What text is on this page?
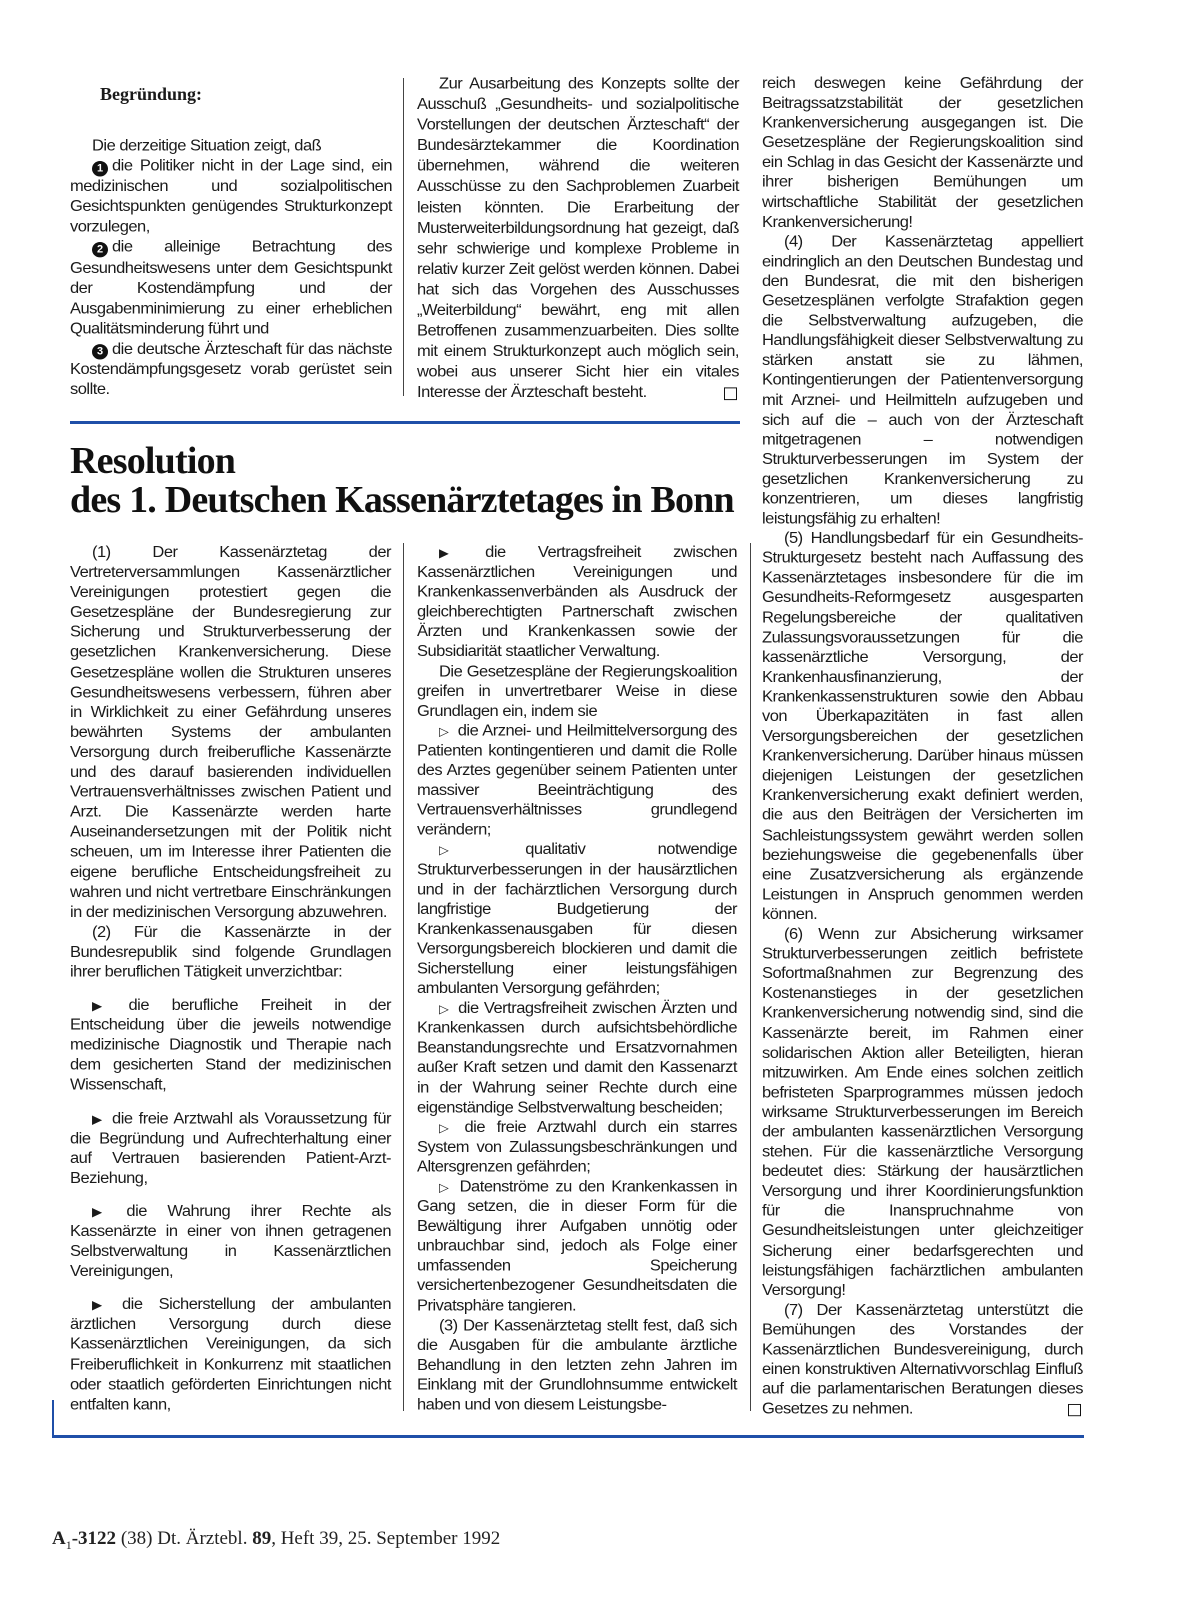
Begründung:

Die derzeitige Situation zeigt, daß

1 die Politiker nicht in der Lage sind, ein medizinischen und sozialpolitischen Gesichtspunkten genügendes Strukturkonzept vorzulegen,

2 die alleinige Betrachtung des Gesundheitswesens unter dem Gesichtspunkt der Kostendämpfung und der Ausgabenminimierung zu einer erheblichen Qualitätsminderung führt und

3 die deutsche Ärzteschaft für das nächste Kostendämpfungsgesetz vorab gerüstet sein sollte.

Zur Ausarbeitung des Konzepts sollte der Ausschuß „Gesundheits- und sozialpolitische Vorstellungen der deutschen Ärzteschaft“ der Bundesärztekammer die Koordination übernehmen, während die weiteren Ausschüsse zu den Sachproblemen Zuarbeit leisten könnten. Die Erarbeitung der Musterweiterbildungsordnung hat gezeigt, daß sehr schwierige und komplexe Probleme in relativ kurzer Zeit gelöst werden können. Dabei hat sich das Vorgehen des Ausschusses „Weiterbildung“ bewährt, eng mit allen Betroffenen zusammenzuarbeiten. Dies sollte mit einem Strukturkonzept auch möglich sein, wobei aus unserer Sicht hier ein vitales Interesse der Ärzteschaft besteht.

Resolution
des 1. Deutschen Kassenärztetages in Bonn

(1) Der Kassenärztetag der Vertreterversammlungen Kassenärztlicher Vereinigungen protestiert gegen die Gesetzespläne der Bundesregierung zur Sicherung und Strukturverbesserung der gesetzlichen Krankenversicherung. Diese Gesetzespläne wollen die Strukturen unseres Gesundheitswesens verbessern, führen aber in Wirklichkeit zu einer Gefährdung unseres bewährten Systems der ambulanten Versorgung durch freiberufliche Kassenärzte und des darauf basierenden individuellen Vertrauensverhältnisses zwischen Patient und Arzt. Die Kassenärzte werden harte Auseinandersetzungen mit der Politik nicht scheuen, um im Interesse ihrer Patienten die eigene berufliche Entscheidungsfreiheit zu wahren und nicht vertretbare Einschränkungen in der medizinischen Versorgung abzuwehren.

(2) Für die Kassenärzte in der Bundesrepublik sind folgende Grundlagen ihrer beruflichen Tätigkeit unverzichtbar:

▶ die berufliche Freiheit in der Entscheidung über die jeweils notwendige medizinische Diagnostik und Therapie nach dem gesicherten Stand der medizinischen Wissenschaft,

▶ die freie Arztwahl als Voraussetzung für die Begründung und Aufrechterhaltung einer auf Vertrauen basierenden Patient-Arzt-Beziehung,

▶ die Wahrung ihrer Rechte als Kassenärzte in einer von ihnen getragenen Selbstverwaltung in Kassenärztlichen Vereinigungen,

▶ die Sicherstellung der ambulanten ärztlichen Versorgung durch diese Kassenärztlichen Vereinigungen, da sich Freiberuflichkeit in Konkurrenz mit staatlichen oder staatlich geförderten Einrichtungen nicht entfalten kann,

▶ die Vertragsfreiheit zwischen Kassenärztlichen Vereinigungen und Krankenkassenverbänden als Ausdruck der gleichberechtigten Partnerschaft zwischen Ärzten und Krankenkassen sowie der Subsidiarität staatlicher Verwaltung.

Die Gesetzespläne der Regierungskoalition greifen in unvertretbarer Weise in diese Grundlagen ein, indem sie

▷ die Arznei- und Heilmittelversorgung des Patienten kontingentieren und damit die Rolle des Arztes gegenüber seinem Patienten unter massiver Beeinträchtigung des Vertrauensverhältnisses grundlegend verändern;

▷ qualitativ notwendige Strukturverbesserungen in der hausärztlichen und in der fachärztlichen Versorgung durch langfristige Budgetierung der Krankenkassenausgaben für diesen Versorgungsbereich blockieren und damit die Sicherstellung einer leistungsfähigen ambulanten Versorgung gefährden;

▷ die Vertragsfreiheit zwischen Ärzten und Krankenkassen durch aufsichtsbehördliche Beanstandungsrechte und Ersatzvornahmen außer Kraft setzen und damit den Kassenarzt in der Wahrung seiner Rechte durch eine eigenständige Selbstverwaltung bescheiden;

▷ die freie Arztwahl durch ein starres System von Zulassungsbeschränkungen und Altersgrenzen gefährden;

▷ Datenströme zu den Krankenkassen in Gang setzen, die in dieser Form für die Bewältigung ihrer Aufgaben unnötig oder unbrauchbar sind, jedoch als Folge einer umfassenden Speicherung versichertenbezogener Gesundheitsdaten die Privatsphäre tangieren.

(3) Der Kassenärztetag stellt fest, daß sich die Ausgaben für die ambulante ärztliche Behandlung in den letzten zehn Jahren im Einklang mit der Grundlohnsumme entwickelt haben und von diesem Leistungsbe-

reich deswegen keine Gefährdung der Beitragssatzstabilität der gesetzlichen Krankenversicherung ausgegangen ist. Die Gesetzespläne der Regierungskoalition sind ein Schlag in das Gesicht der Kassenärzte und ihrer bisherigen Bemühungen um wirtschaftliche Stabilität der gesetzlichen Krankenversicherung!

(4) Der Kassenärztetag appelliert eindringlich an den Deutschen Bundestag und den Bundesrat, die mit den bisherigen Gesetzesplänen verfolgte Strafaktion gegen die Selbstverwaltung aufzugeben, die Handlungsfähigkeit dieser Selbstverwaltung zu stärken anstatt sie zu lähmen, Kontingentierungen der Patientenversorgung mit Arznei- und Heilmitteln aufzugeben und sich auf die – auch von der Ärzteschaft mitgetragenen – notwendigen Strukturverbesserungen im System der gesetzlichen Krankenversicherung zu konzentrieren, um dieses langfristig leistungsfähig zu erhalten!

(5) Handlungsbedarf für ein Gesundheits-Strukturgesetz besteht nach Auffassung des Kassenärztetages insbesondere für die im Gesundheits-Reformgesetz ausgesparten Regelungsbereiche der qualitativen Zulassungsvoraussetzungen für die kassenärztliche Versorgung, der Krankenhausfinanzierung, der Krankenkassenstrukturen sowie den Abbau von Überkapazitäten in fast allen Versorgungsbereichen der gesetzlichen Krankenversicherung. Darüber hinaus müssen diejenigen Leistungen der gesetzlichen Krankenversicherung exakt definiert werden, die aus den Beiträgen der Versicherten im Sachleistungssystem gewährt werden sollen beziehungsweise die gegebenenfalls über eine Zusatzversicherung als ergänzende Leistungen in Anspruch genommen werden können.

(6) Wenn zur Absicherung wirksamer Strukturverbesserungen zeitlich befristete Sofortmaßnahmen zur Begrenzung des Kostenanstieges in der gesetzlichen Krankenversicherung notwendig sind, sind die Kassenärzte bereit, im Rahmen einer solidarischen Aktion aller Beteiligten, hieran mitzuwirken. Am Ende eines solchen zeitlich befristeten Sparprogrammes müssen jedoch wirksame Strukturverbesserungen im Bereich der ambulanten kassenärztlichen Versorgung stehen. Für die kassenärztliche Versorgung bedeutet dies: Stärkung der hausärztlichen Versorgung und ihrer Koordinierungsfunktion für die Inanspruchnahme von Gesundheitsleistungen unter gleichzeitiger Sicherung einer bedarfsgerechten und leistungsfähigen fachärztlichen ambulanten Versorgung!

(7) Der Kassenärztetag unterstützt die Bemühungen des Vorstandes der Kassenärztlichen Bundesvereinigung, durch einen konstruktiven Alternativvorschlag Einfluß auf die parlamentarischen Beratungen dieses Gesetzes zu nehmen.

$A_1-3122$ (38) Dt. Ärztebl. 89, Heft 39, 25. September 1992
